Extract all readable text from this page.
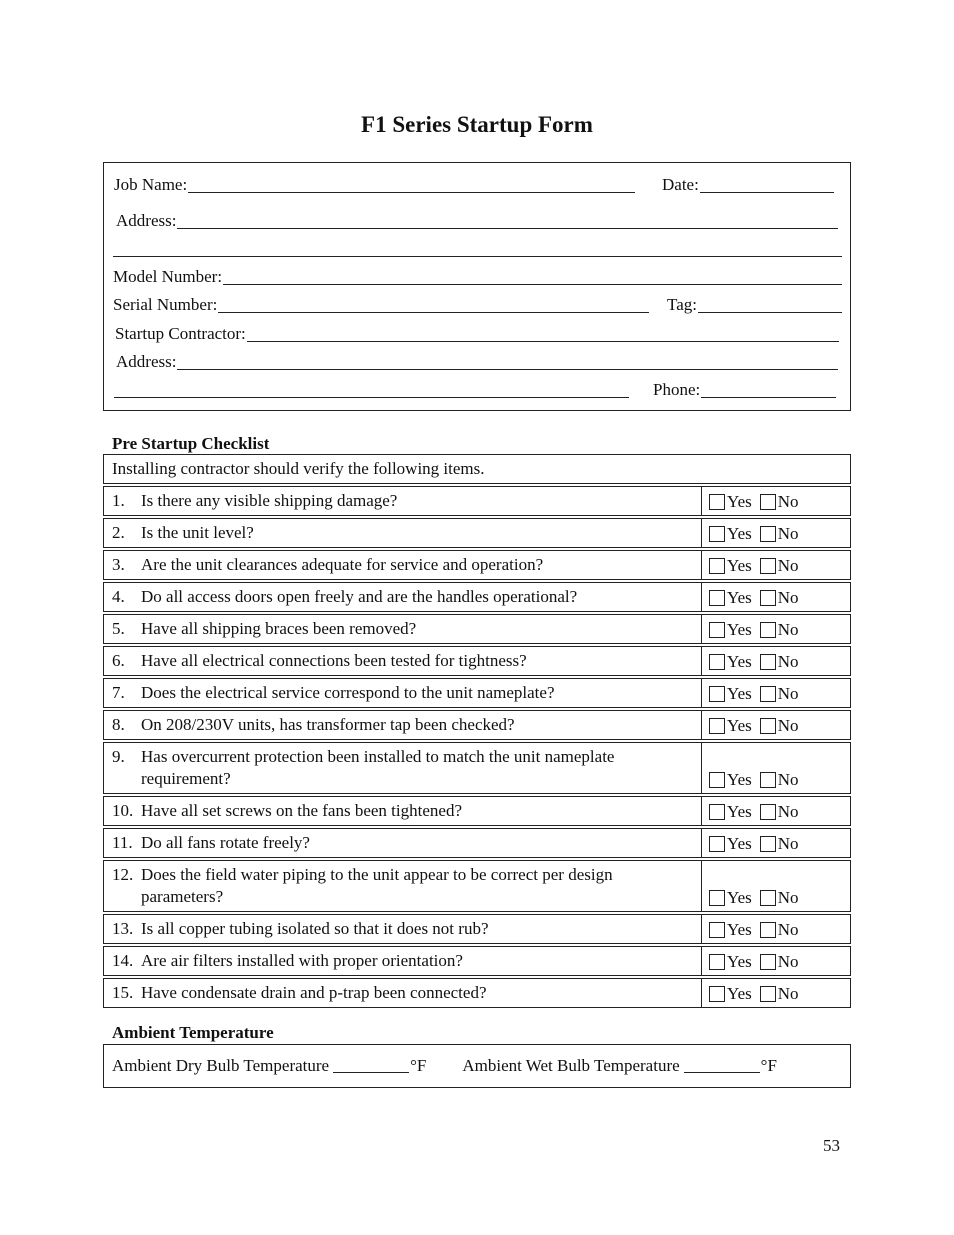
F1 Series Startup Form
Job Name:	Date:
Address:
Model Number:
Serial Number:	Tag:
Startup Contractor:
Address:
Phone:
Pre Startup Checklist
Installing contractor should verify the following items.
1. Is there any visible shipping damage?	Yes No
2. Is the unit level?	Yes No
3. Are the unit clearances adequate for service and operation?	Yes No
4. Do all access doors open freely and are the handles operational?	Yes No
5. Have all shipping braces been removed?	Yes No
6. Have all electrical connections been tested for tightness?	Yes No
7. Does the electrical service correspond to the unit nameplate?	Yes No
8. On 208/230V units, has transformer tap been checked?	Yes No
9. Has overcurrent protection been installed to match the unit nameplate requirement?	Yes No
10. Have all set screws on the fans been tightened?	Yes No
11. Do all fans rotate freely?	Yes No
12. Does the field water piping to the unit appear to be correct per design parameters?	Yes No
13. Is all copper tubing isolated so that it does not rub?	Yes No
14. Are air filters installed with proper orientation?	Yes No
15. Have condensate drain and p-trap been connected?	Yes No
Ambient Temperature
Ambient Dry Bulb Temperature	°F Ambient Wet Bulb Temperature	°F
53
